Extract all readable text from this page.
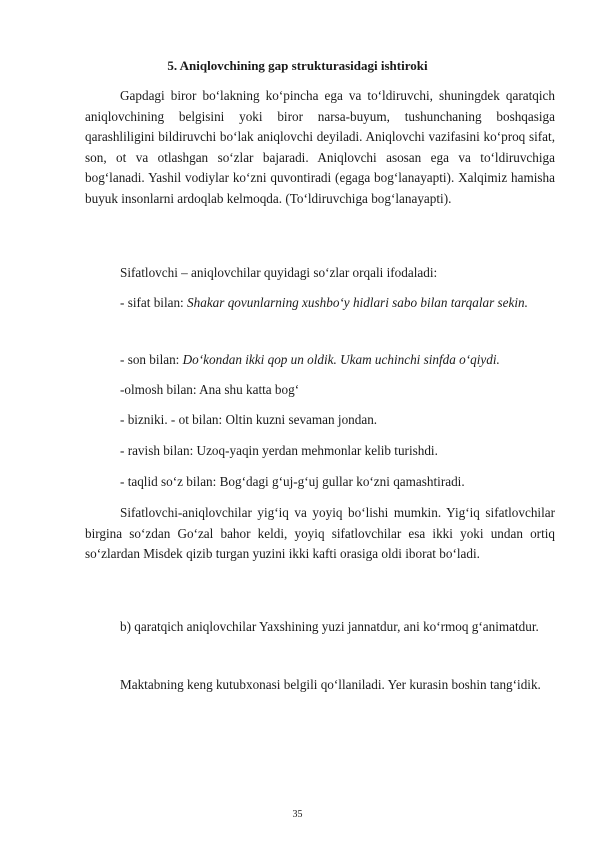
5. Aniqlovchining gap strukturasidagi ishtiroki
Gapdagi biror bo‘lakning ko‘pincha ega va to‘ldiruvchi, shuningdek qaratqich aniqlovchining belgisini yoki biror narsa-buyum, tushunchaning boshqasiga qarashliligini bildiruvchi bo‘lak aniqlovchi deyiladi. Aniqlovchi vazifasini ko‘proq sifat, son, ot va otlashgan so‘zlar bajaradi. Aniqlovchi asosan ega va to‘ldiruvchiga bog‘lanadi. Yashil vodiylar ko‘zni quvontiradi (egaga bog‘lanayapti). Xalqimiz hamisha buyuk insonlarni ardoqlab kelmoqda. (To‘ldiruvchiga bog‘lanayapti).
Sifatlovchi – aniqlovchilar quyidagi so‘zlar orqali ifodaladi:
- sifat bilan: Shakar qovunlarning xushbo‘y hidlari sabo bilan tarqalar sekin.
- son bilan: Do‘kondan ikki qop un oldik. Ukam uchinchi sinfda o‘qiydi.
-olmosh bilan: Ana shu katta bog‘
- bizniki. - ot bilan: Oltin kuzni sevaman jondan.
- ravish bilan: Uzoq-yaqin yerdan mehmonlar kelib turishdi.
- taqlid so‘z bilan: Bog‘dagi g‘uj-g‘uj gullar ko‘zni qamashtiradi.
Sifatlovchi-aniqlovchilar yig‘iq va yoyiq bo‘lishi mumkin. Yig‘iq sifatlovchilar birgina so‘zdan Go‘zal bahor keldi, yoyiq sifatlovchilar esa ikki yoki undan ortiq so‘zlardan Misdek qizib turgan yuzini ikki kafti orasiga oldi iborat bo‘ladi.
b) qaratqich aniqlovchilar Yaxshining yuzi jannatdur, ani ko‘rmoq g‘animatdur.
Maktabning keng kutubxonasi belgili qo‘llaniladi. Yer kurasin boshin tang‘idik.
35
